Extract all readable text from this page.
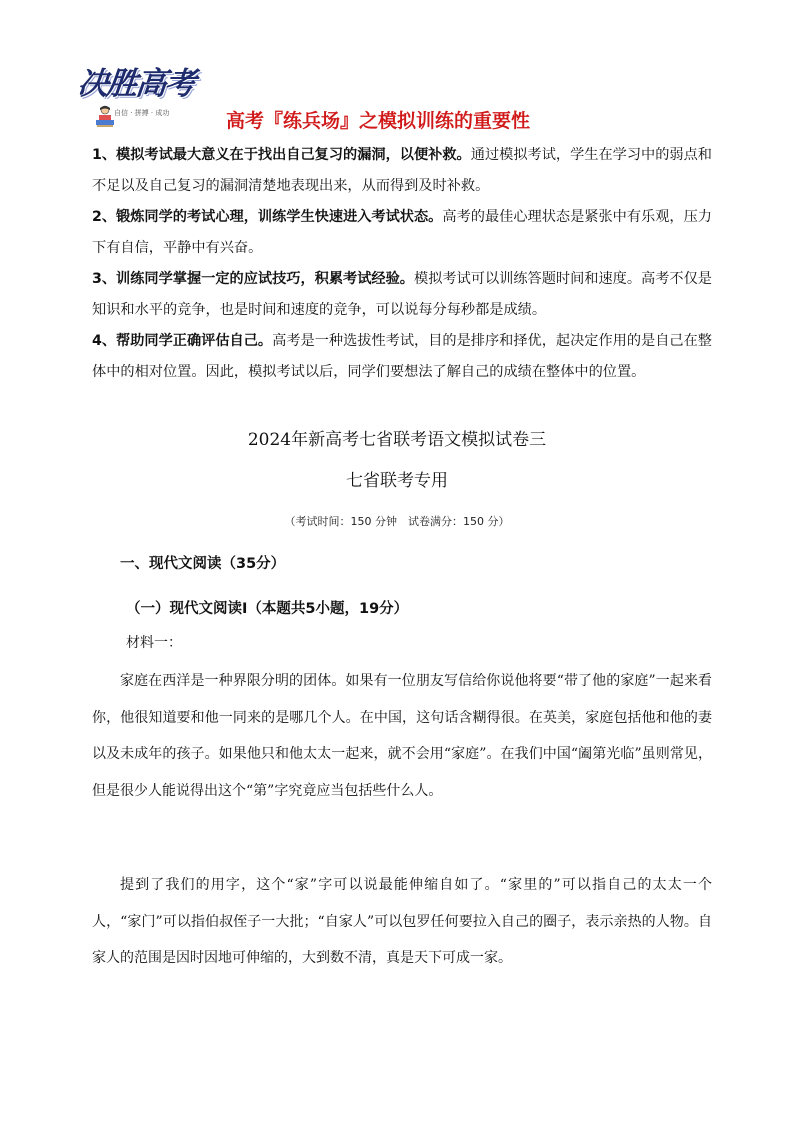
决胜高考
自信 · 拼搏 · 成功	高考『练兵场』之模拟训练的重要性

1、模拟考试最大意义在于找出自己复习的漏洞，以便补救。通过模拟考试，学生在学习中的弱点和不足以及自己复习的漏洞清楚地表现出来，从而得到及时补救。

2、锻炼同学的考试心理，训练学生快速进入考试状态。高考的最佳心理状态是紧张中有乐观，压力下有自信，平静中有兴奋。

3、训练同学掌握一定的应试技巧，积累考试经验。模拟考试可以训练答题时间和速度。高考不仅是知识和水平的竞争，也是时间和速度的竞争，可以说每分每秒都是成绩。

4、帮助同学正确评估自己。高考是一种选拔性考试，目的是排序和择优，起决定作用的是自己在整体中的相对位置。因此，模拟考试以后，同学们要想法了解自己的成绩在整体中的位置。

2024年新高考七省联考语文模拟试卷三
七省联考专用
（考试时间：150 分钟　试卷满分：150 分）
一、现代文阅读（35分）
（一）现代文阅读Ⅰ（本题共5小题，19分）
材料一：

家庭在西洋是一种界限分明的团体。如果有一位朋友写信给你说他将要“带了他的家庭”一起来看你，他很知道要和他一同来的是哪几个人。在中国，这句话含糊得很。在英美，家庭包括他和他的妻以及未成年的孩子。如果他只和他太太一起来，就不会用“家庭”。在我们中国“阖第光临”虽则常见，但是很少人能说得出这个“第”字究竟应当包括些什么人。

提到了我们的用字，这个“家”字可以说最能伸缩自如了。“家里的”可以指自己的太太一个人，“家门”可以指伯叔侄子一大批；“自家人”可以包罗任何要拉入自己的圈子，表示亲热的人物。自家人的范围是因时因地可伸缩的，大到数不清，真是天下可成一家。
